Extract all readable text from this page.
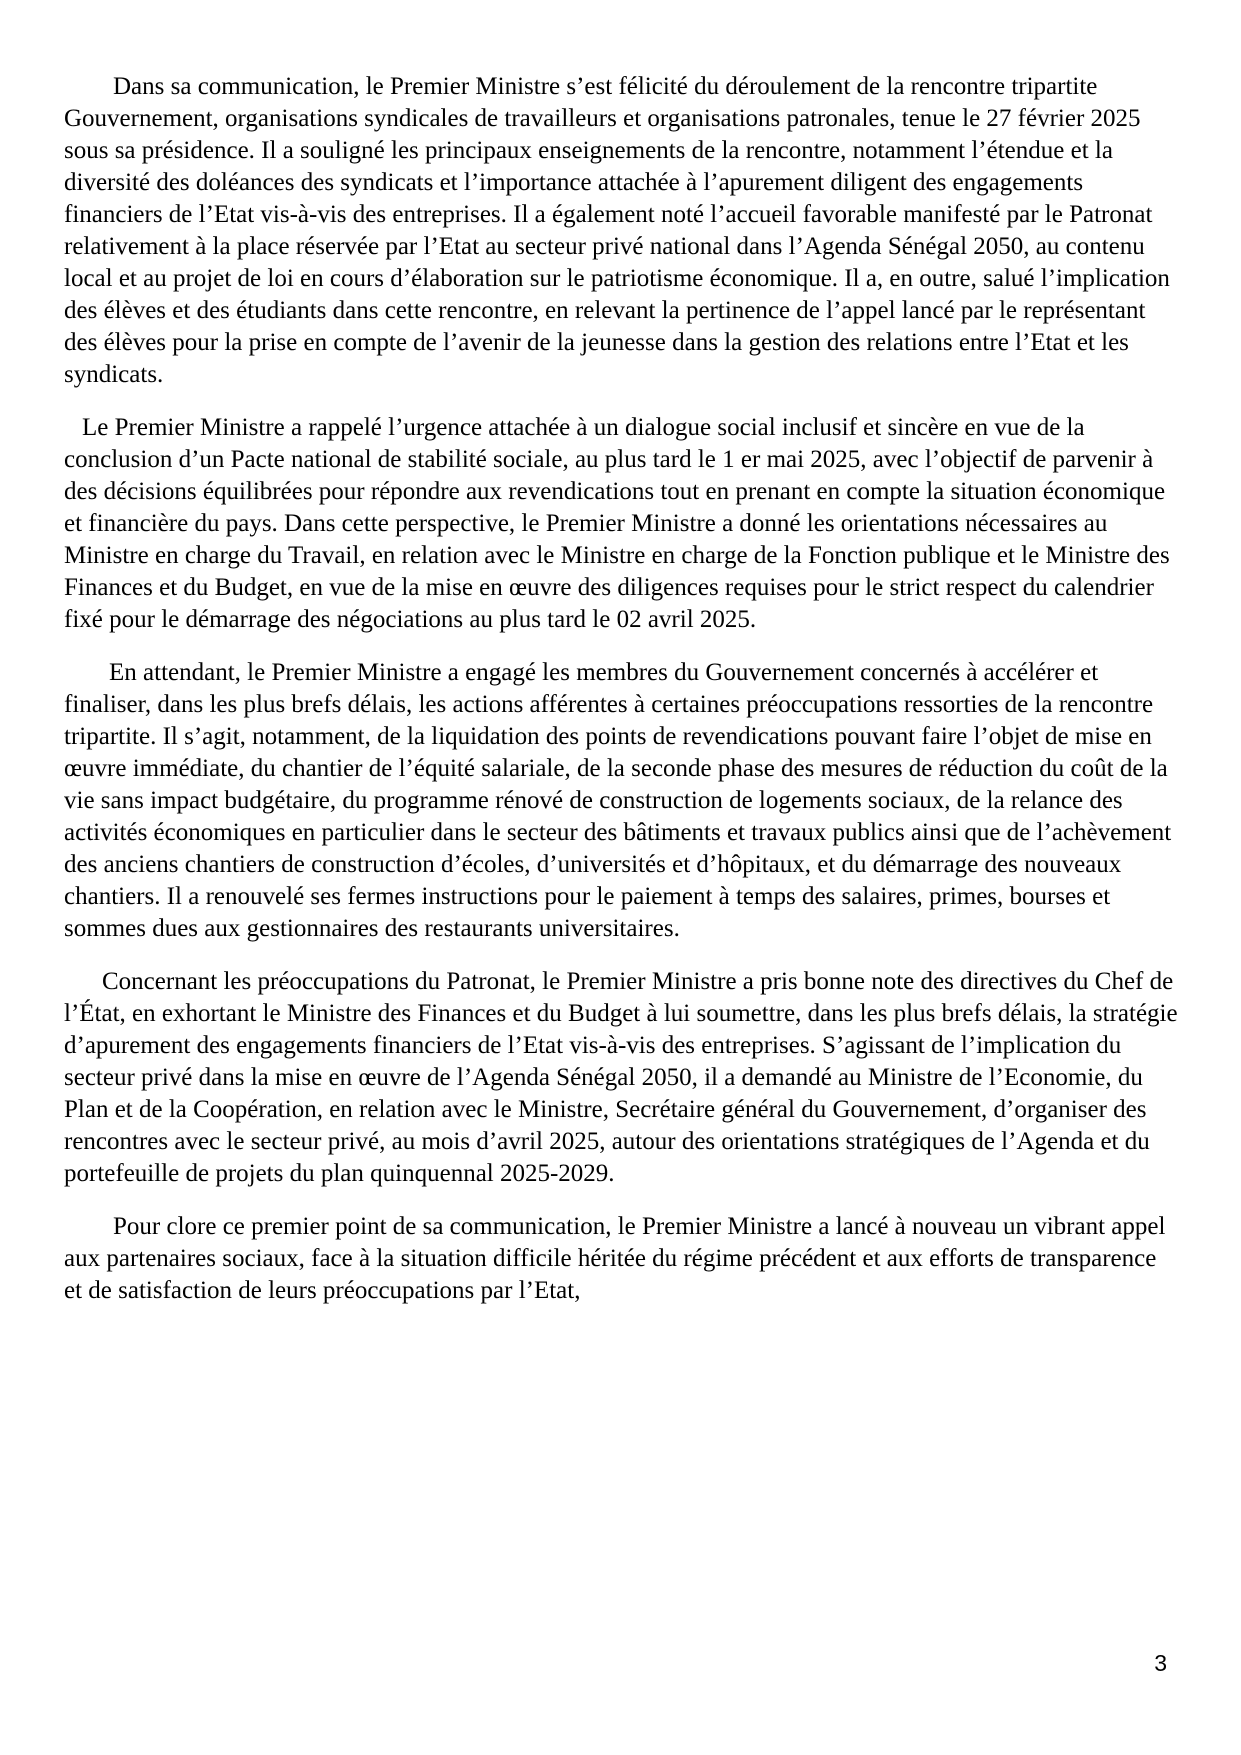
Dans sa communication, le Premier Ministre s’est félicité du déroulement de la rencontre tripartite Gouvernement, organisations syndicales de travailleurs et organisations patronales, tenue le 27 février 2025 sous sa présidence. Il a souligné les principaux enseignements de la rencontre, notamment l’étendue et la diversité des doléances des syndicats et l’importance attachée à l’apurement diligent des engagements financiers de l’Etat vis-à-vis des entreprises. Il a également noté l’accueil favorable manifesté par le Patronat relativement à la place réservée par l’Etat au secteur privé national dans l’Agenda Sénégal 2050, au contenu local et au projet de loi en cours d’élaboration sur le patriotisme économique. Il a, en outre, salué l’implication des élèves et des étudiants dans cette rencontre, en relevant la pertinence de l’appel lancé par le représentant des élèves pour la prise en compte de l’avenir de la jeunesse dans la gestion des relations entre l’Etat et les syndicats.

Le Premier Ministre a rappelé l’urgence attachée à un dialogue social inclusif et sincère en vue de la conclusion d’un Pacte national de stabilité sociale, au plus tard le 1 er mai 2025, avec l’objectif de parvenir à des décisions équilibrées pour répondre aux revendications tout en prenant en compte la situation économique et financière du pays. Dans cette perspective, le Premier Ministre a donné les orientations nécessaires au Ministre en charge du Travail, en relation avec le Ministre en charge de la Fonction publique et le Ministre des Finances et du Budget, en vue de la mise en œuvre des diligences requises pour le strict respect du calendrier fixé pour le démarrage des négociations au plus tard le 02 avril 2025.

En attendant, le Premier Ministre a engagé les membres du Gouvernement concernés à accélérer et finaliser, dans les plus brefs délais, les actions afférentes à certaines préoccupations ressorties de la rencontre tripartite. Il s’agit, notamment, de la liquidation des points de revendications pouvant faire l’objet de mise en œuvre immédiate, du chantier de l’équité salariale, de la seconde phase des mesures de réduction du coût de la vie sans impact budgétaire, du programme rénové de construction de logements sociaux, de la relance des activités économiques en particulier dans le secteur des bâtiments et travaux publics ainsi que de l’achèvement des anciens chantiers de construction d’écoles, d’universités et d’hôpitaux, et du démarrage des nouveaux chantiers. Il a renouvelé ses fermes instructions pour le paiement à temps des salaires, primes, bourses et sommes dues aux gestionnaires des restaurants universitaires.

Concernant les préoccupations du Patronat, le Premier Ministre a pris bonne note des directives du Chef de l’État, en exhortant le Ministre des Finances et du Budget à lui soumettre, dans les plus brefs délais, la stratégie d’apurement des engagements financiers de l’Etat vis-à-vis des entreprises. S’agissant de l’implication du secteur privé dans la mise en œuvre de l’Agenda Sénégal 2050, il a demandé au Ministre de l’Economie, du Plan et de la Coopération, en relation avec le Ministre, Secrétaire général du Gouvernement, d’organiser des rencontres avec le secteur privé, au mois d’avril 2025, autour des orientations stratégiques de l’Agenda et du portefeuille de projets du plan quinquennal 2025-2029.

Pour clore ce premier point de sa communication, le Premier Ministre a lancé à nouveau un vibrant appel aux partenaires sociaux, face à la situation difficile héritée du régime précédent et aux efforts de transparence et de satisfaction de leurs préoccupations par l’Etat,

3
